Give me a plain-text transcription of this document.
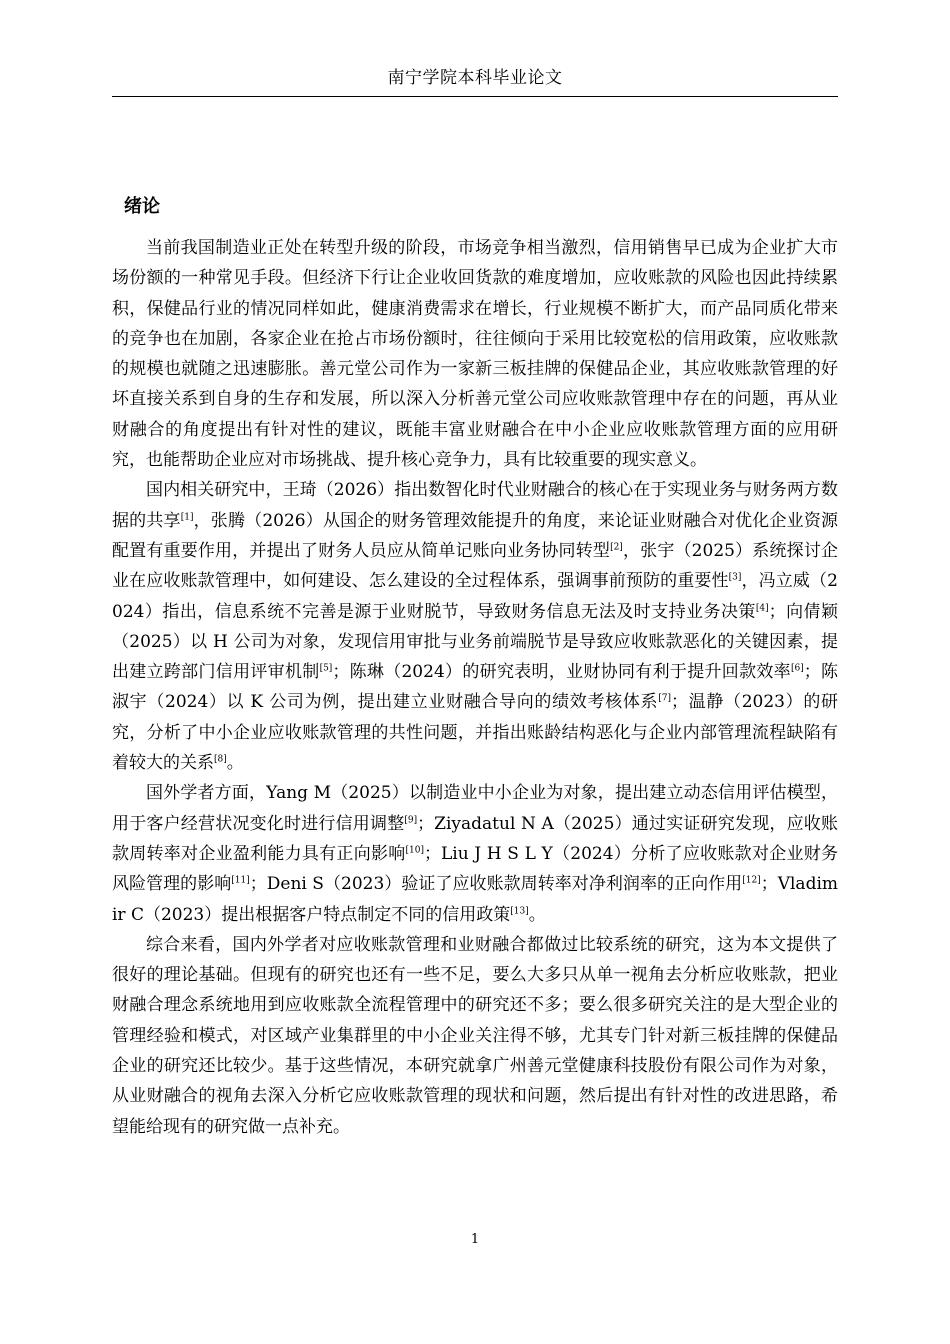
南宁学院本科毕业论文
绪论

当前我国制造业正处在转型升级的阶段，市场竞争相当激烈，信用销售早已成为企业扩大市场份额的一种常见手段。但经济下行让企业收回货款的难度增加，应收账款的风险也因此持续累积，保健品行业的情况同样如此，健康消费需求在增长，行业规模不断扩大，而产品同质化带来的竞争也在加剧，各家企业在抢占市场份额时，往往倾向于采用比较宽松的信用政策，应收账款的规模也就随之迅速膨胀。善元堂公司作为一家新三板挂牌的保健品企业，其应收账款管理的好坏直接关系到自身的生存和发展，所以深入分析善元堂公司应收账款管理中存在的问题，再从业财融合的角度提出有针对性的建议，既能丰富业财融合在中小企业应收账款管理方面的应用研究，也能帮助企业应对市场挑战、提升核心竞争力，具有比较重要的现实意义。

国内相关研究中，王琦（2026）指出数智化时代业财融合的核心在于实现业务与财务两方数据的共享[1]，张腾（2026）从国企的财务管理效能提升的角度，来论证业财融合对优化企业资源配置有重要作用，并提出了财务人员应从简单记账向业务协同转型[2]，张宇（2025）系统探讨企业在应收账款管理中，如何建设、怎么建设的全过程体系，强调事前预防的重要性[3]，冯立威（2024）指出，信息系统不完善是源于业财脱节，导致财务信息无法及时支持业务决策[4]；向倩颖（2025）以 H 公司为对象，发现信用审批与业务前端脱节是导致应收账款恶化的关键因素，提出建立跨部门信用评审机制[5]；陈琳（2024）的研究表明，业财协同有利于提升回款效率[6]；陈淑宇（2024）以 K 公司为例，提出建立业财融合导向的绩效考核体系[7]；温静（2023）的研究，分析了中小企业应收账款管理的共性问题，并指出账龄结构恶化与企业内部管理流程缺陷有着较大的关系[8]。

国外学者方面，Yang M（2025）以制造业中小企业为对象，提出建立动态信用评估模型，用于客户经营状况变化时进行信用调整[9]；Ziyadatul N A（2025）通过实证研究发现，应收账款周转率对企业盈利能力具有正向影响[10]；Liu J H S L Y（2024）分析了应收账款对企业财务风险管理的影响[11]；Deni S（2023）验证了应收账款周转率对净利润率的正向作用[12]；Vladimir C（2023）提出根据客户特点制定不同的信用政策[13]。

综合来看，国内外学者对应收账款管理和业财融合都做过比较系统的研究，这为本文提供了很好的理论基础。但现有的研究也还有一些不足，要么大多只从单一视角去分析应收账款，把业财融合理念系统地用到应收账款全流程管理中的研究还不多；要么很多研究关注的是大型企业的管理经验和模式，对区域产业集群里的中小企业关注得不够，尤其专门针对新三板挂牌的保健品企业的研究还比较少。基于这些情况，本研究就拿广州善元堂健康科技股份有限公司作为对象，从业财融合的视角去深入分析它应收账款管理的现状和问题，然后提出有针对性的改进思路，希望能给现有的研究做一点补充。

1
